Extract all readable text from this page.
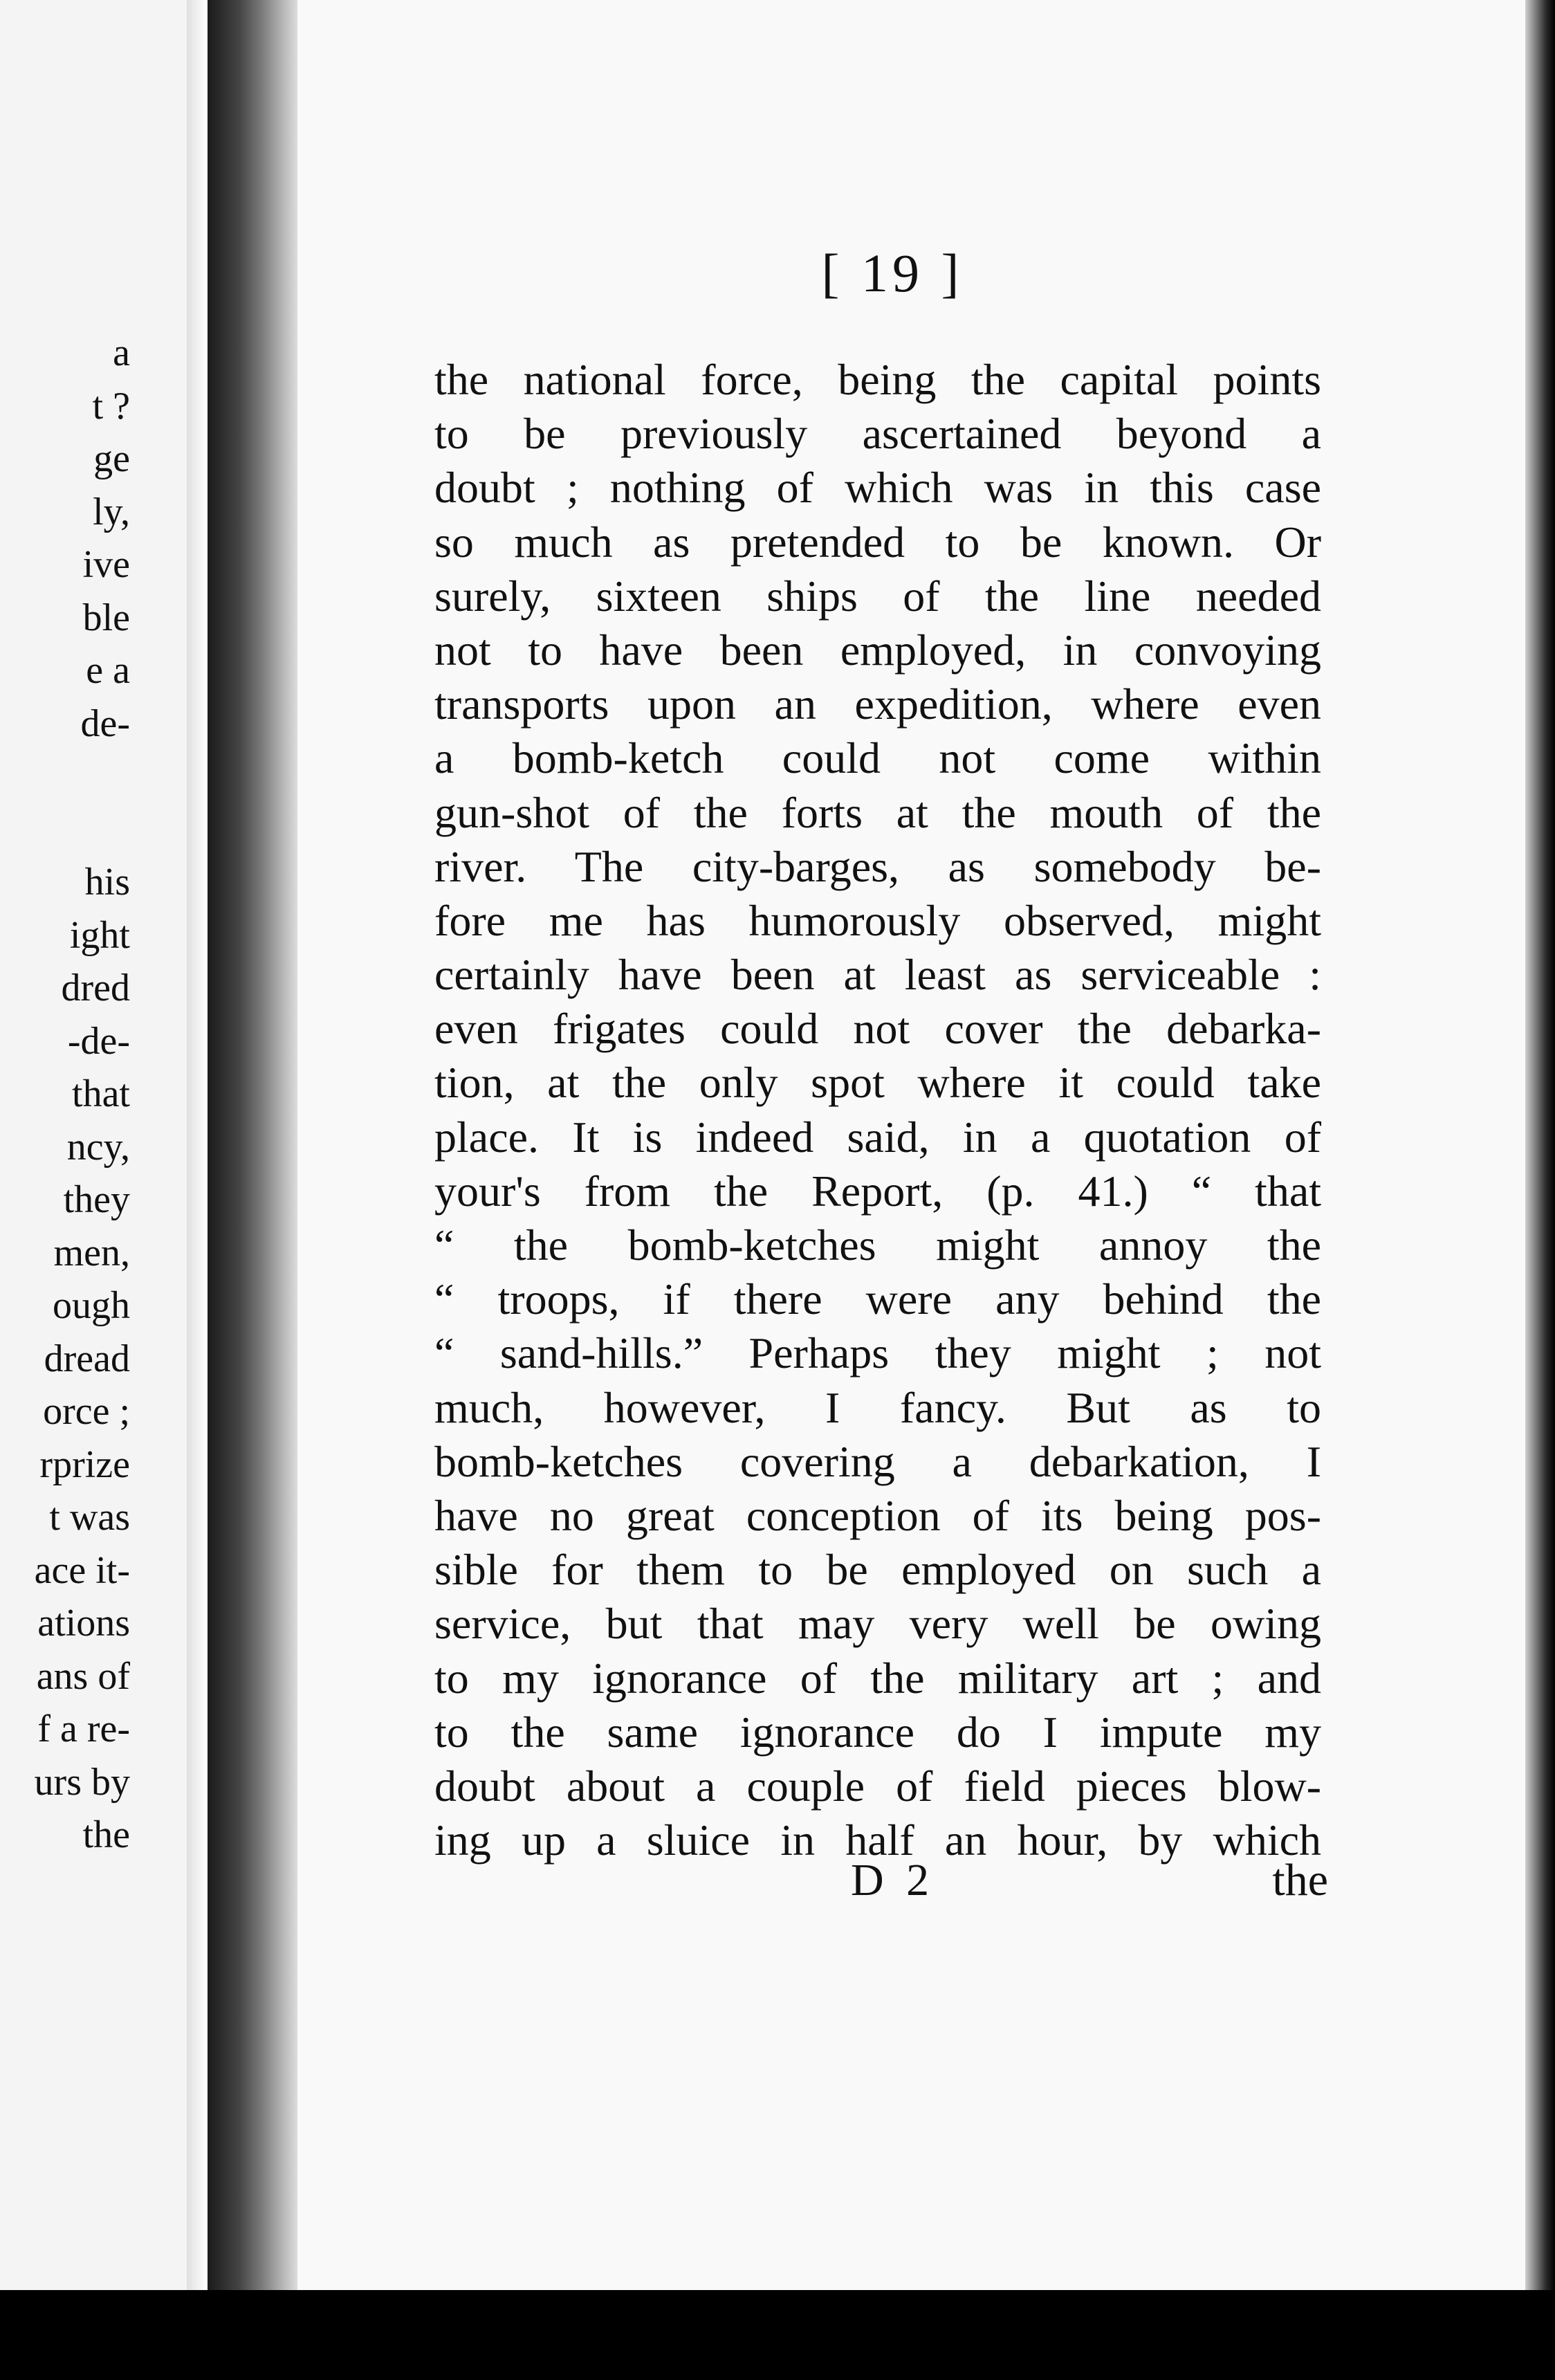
a
t ?
ge
ly,
ive
ble
e a
de-
his
ight
dred
-de-
that
ncy,
they
men,
ough
dread
orce ;
rprize
t was
ace it-
ations
ans of
f a re-
urs by
the
[ 19 ]
the national force, being the capital points
to be previously ascertained beyond a
doubt ; nothing of which was in this case
so much as pretended to be known. Or
surely, sixteen ships of the line needed
not to have been employed, in convoying
transports upon an expedition, where even
a bomb-ketch could not come within
gun-shot of the forts at the mouth of the
river. The city-barges, as somebody be-
fore me has humorously observed, might
certainly have been at least as serviceable :
even frigates could not cover the debarka-
tion, at the only spot where it could take
place. It is indeed said, in a quotation of
your's from the Report, (p. 41.) “ that
“ the bomb-ketches might annoy the
“ troops, if there were any behind the
“ sand-hills.” Perhaps they might ; not
much, however, I fancy. But as to
bomb-ketches covering a debarkation, I
have no great conception of its being pos-
sible for them to be employed on such a
service, but that may very well be owing
to my ignorance of the military art ; and
to the same ignorance do I impute my
doubt about a couple of field pieces blow-
ing up a sluice in half an hour, by which
D 2	the
